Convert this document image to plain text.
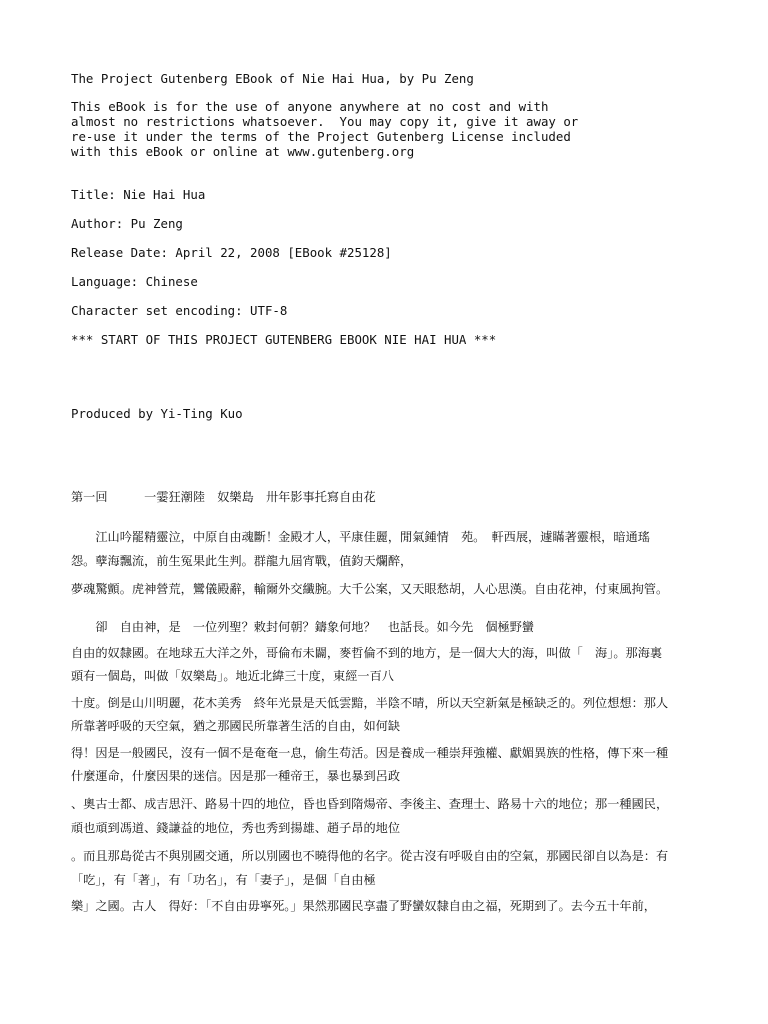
The Project Gutenberg EBook of Nie Hai Hua, by Pu Zeng

This eBook is for the use of anyone anywhere at no cost and with

almost no restrictions whatsoever.  You may copy it, give it away or

re-use it under the terms of the Project Gutenberg License included

with this eBook or online at www.gutenberg.org

Title: Nie Hai Hua

Author: Pu Zeng

Release Date: April 22, 2008 [EBook #25128]

Language: Chinese

Character set encoding: UTF-8

*** START OF THIS PROJECT GUTENBERG EBOOK NIE HAI HUA ***

Produced by Yi-Ting Kuo

第一回　　　一霎狂潮陸　奴樂島　卅年影事托寫自由花

　　江山吟罷精靈泣，中原自由魂斷！金殿才人，平康佳麗，閒氣鍾情　苑。　軒西展，遽瞞著靈根，暗通瑤

怨。孽海飄流，前生冤果此生判。群龍九屆宵戰，值鈞天爛醉，

夢魂驚顫。虎神營荒，鸞儀殿辭，輸爾外交纖腕。大千公案，又天眼愁胡，人心思漢。自由花神，付東風拘管。

　　卻　自由神，是　一位列聖？敕封何朝？鑄象何地？　也話長。如今先　個極野蠻

自由的奴隸國。在地球五大洋之外，哥倫布未闢，麥哲倫不到的地方，是一個大大的海，叫做「　海」。那海裏

頭有一個島，叫做「奴樂島」。地近北緯三十度，東經一百八

十度。倒是山川明麗，花木美秀　終年光景是天低雲黯，半陰不晴，所以天空新氣是極缺乏的。列位想想：那人

所靠著呼吸的天空氣，猶之那國民所靠著生活的自由，如何缺

得！因是一般國民，沒有一個不是奄奄一息，偷生苟活。因是養成一種崇拜強權、獻媚異族的性格，傳下來一種

什麼運命，什麼因果的迷信。因是那一種帝王，暴也暴到呂政

、奧古士都、成吉思汗、路易十四的地位，昏也昏到隋煬帝、李後主、查理士、路易十六的地位；那一種國民，

頑也頑到馮道、錢謙益的地位，秀也秀到揚雄、趙子昂的地位

。而且那島從古不與別國交通，所以別國也不曉得他的名字。從古沒有呼吸自由的空氣，那國民卻自以為是：有

「吃」，有「著」，有「功名」，有「妻子」，是個「自由極

樂」之國。古人　得好：「不自由毋寧死。」果然那國民享盡了野蠻奴隸自由之福，死期到了。去今五十年前，
